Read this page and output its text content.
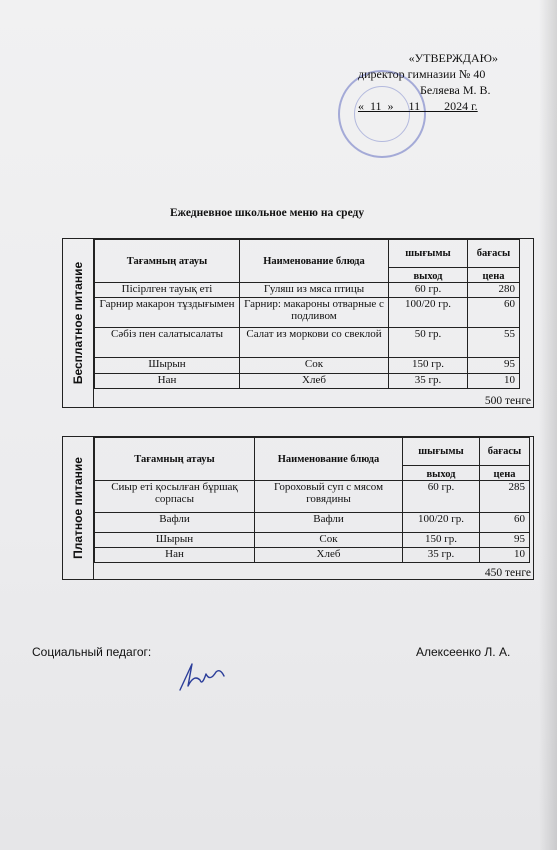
«УТВЕРЖДАЮ»
директор гимназии № 40
Беляева М. В.
«_11_» __11____2024 г.
Ежедневное школьное меню на среду
Бесплатное питание
Тағамның атауы	Наименование блюда	шығымы	бағасы
		выход	цена
Пісірлген тауық еті	Гуляш из мяса птицы	60 гр.	280
Гарнир макарон тұздығымен	Гарнир: макароны отварные с подливом	100/20 гр.	60
Сәбіз пен салатысалаты	Салат из моркови со свеклой	50 гр.	55
Шырын	Сок	150 гр.	95
Нан	Хлеб	35 гр.	10
500 тенге
Платное питание	Тағамның атауы	Наименование блюда	шығымы	бағасы
		выход	цена
Сиыр еті қосылған бұршақ сорпасы	Гороховый суп с мясом говядины	60 гр.	285
Вафли	Вафли	100/20 гр.	60
Шырын	Сок	150 гр.	95
Нан	Хлеб	35 гр.	10
450 тенге
Социальный педагог:	Алексеенко Л. А.
